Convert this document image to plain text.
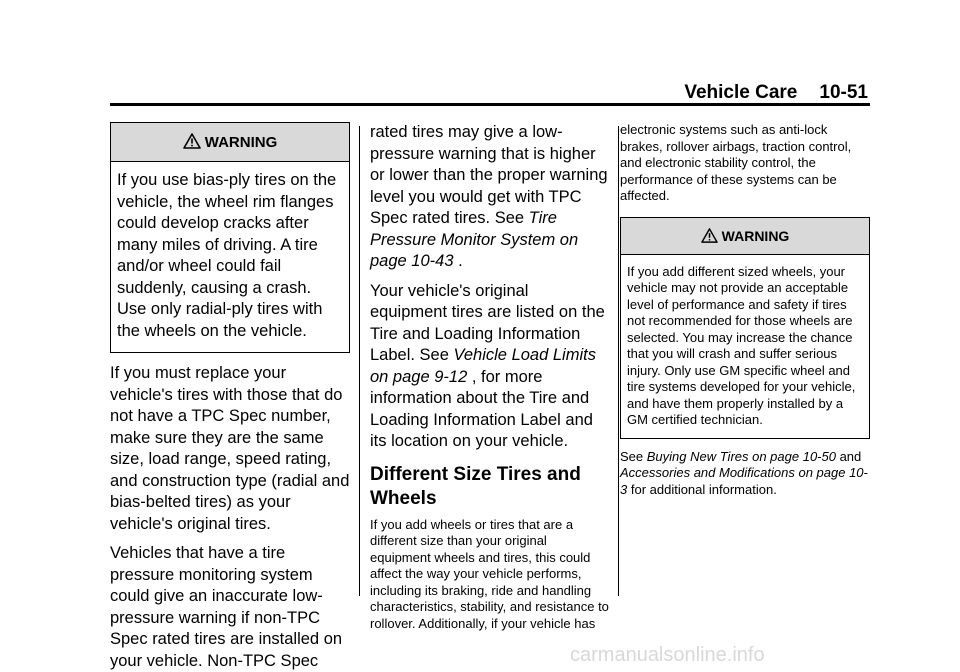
Vehicle Care 10-51
WARNING
If you use bias-ply tires on the vehicle, the wheel rim flanges could develop cracks after many miles of driving. A tire and/or wheel could fail suddenly, causing a crash. Use only radial-ply tires with the wheels on the vehicle.

If you must replace your vehicle's tires with those that do not have a TPC Spec number, make sure they are the same size, load range, speed rating, and construction type (radial and bias-belted tires) as your vehicle's original tires.

Vehicles that have a tire pressure monitoring system could give an inaccurate low-pressure warning if non-TPC Spec rated tires are installed on your vehicle. Non-TPC Spec

rated tires may give a low-pressure warning that is higher or lower than the proper warning level you would get with TPC Spec rated tires. See Tire Pressure Monitor System on page 10-43 .

Your vehicle's original equipment tires are listed on the Tire and Loading Information Label. See Vehicle Load Limits on page 9-12 , for more information about the Tire and Loading Information Label and its location on your vehicle.

Different Size Tires and Wheels

If you add wheels or tires that are a different size than your original equipment wheels and tires, this could affect the way your vehicle performs, including its braking, ride and handling characteristics, stability, and resistance to rollover. Additionally, if your vehicle has

electronic systems such as anti-lock brakes, rollover airbags, traction control, and electronic stability control, the performance of these systems can be affected.

WARNING
If you add different sized wheels, your vehicle may not provide an acceptable level of performance and safety if tires not recommended for those wheels are selected. You may increase the chance that you will crash and suffer serious injury. Only use GM specific wheel and tire systems developed for your vehicle, and have them properly installed by a GM certified technician.

See Buying New Tires on page 10-50 and Accessories and Modifications on page 10-3 for additional information.

carmanualsonline.info
